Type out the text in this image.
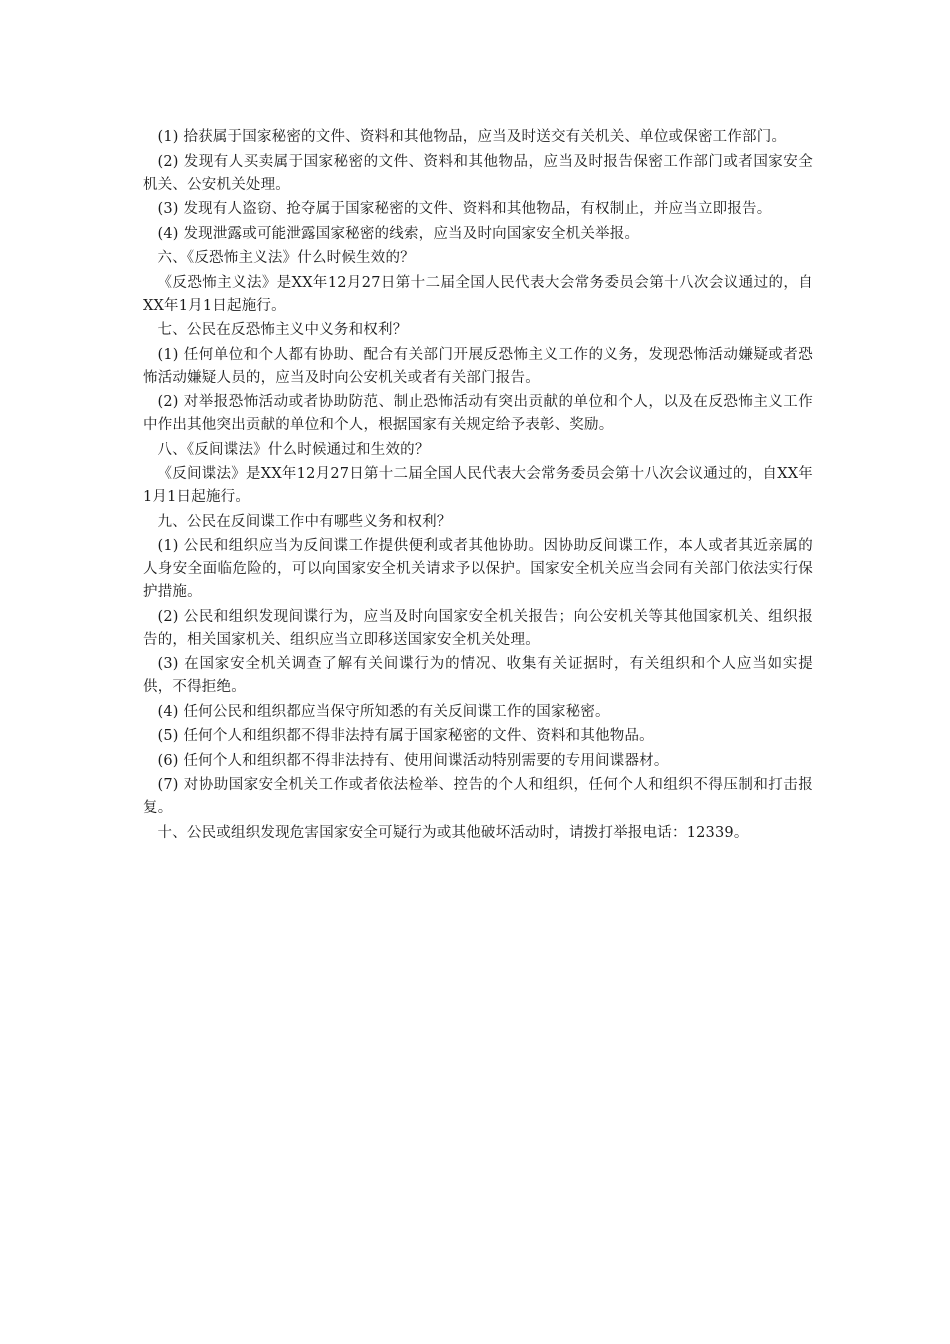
(1) 拾获属于国家秘密的文件、资料和其他物品，应当及时送交有关机关、单位或保密工作部门。

(2) 发现有人买卖属于国家秘密的文件、资料和其他物品，应当及时报告保密工作部门或者国家安全机关、公安机关处理。

(3) 发现有人盗窃、抢夺属于国家秘密的文件、资料和其他物品，有权制止，并应当立即报告。

(4) 发现泄露或可能泄露国家秘密的线索，应当及时向国家安全机关举报。

六、《反恐怖主义法》什么时候生效的？

《反恐怖主义法》是XX年12月27日第十二届全国人民代表大会常务委员会第十八次会议通过的，自XX年1月1日起施行。

七、公民在反恐怖主义中义务和权利？

(1) 任何单位和个人都有协助、配合有关部门开展反恐怖主义工作的义务，发现恐怖活动嫌疑或者恐怖活动嫌疑人员的，应当及时向公安机关或者有关部门报告。

(2) 对举报恐怖活动或者协助防范、制止恐怖活动有突出贡献的单位和个人，以及在反恐怖主义工作中作出其他突出贡献的单位和个人，根据国家有关规定给予表彰、奖励。

八、《反间谍法》什么时候通过和生效的？

《反间谍法》是XX年12月27日第十二届全国人民代表大会常务委员会第十八次会议通过的，自XX年1月1日起施行。

九、公民在反间谍工作中有哪些义务和权利？

(1) 公民和组织应当为反间谍工作提供便利或者其他协助。因协助反间谍工作，本人或者其近亲属的人身安全面临危险的，可以向国家安全机关请求予以保护。国家安全机关应当会同有关部门依法实行保护措施。

(2) 公民和组织发现间谍行为，应当及时向国家安全机关报告；向公安机关等其他国家机关、组织报告的，相关国家机关、组织应当立即移送国家安全机关处理。

(3) 在国家安全机关调查了解有关间谍行为的情况、收集有关证据时，有关组织和个人应当如实提供，不得拒绝。

(4) 任何公民和组织都应当保守所知悉的有关反间谍工作的国家秘密。

(5) 任何个人和组织都不得非法持有属于国家秘密的文件、资料和其他物品。

(6) 任何个人和组织都不得非法持有、使用间谍活动特别需要的专用间谍器材。

(7) 对协助国家安全机关工作或者依法检举、控告的个人和组织，任何个人和组织不得压制和打击报复。

十、公民或组织发现危害国家安全可疑行为或其他破坏活动时，请拨打举报电话：12339。
